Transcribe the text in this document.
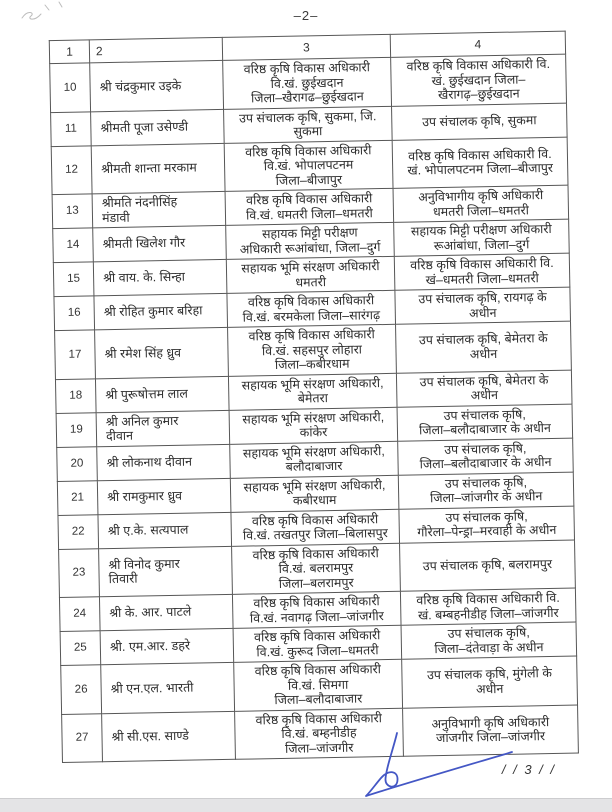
–2–
1	2	3	4
10	श्री चंद्रकुमार उइके	वरिष्ठ कृषि विकास अधिकारी
वि.खं. छुईखदान
जिला–खैरागढ–छुईखदान	वरिष्ठ कृषि विकास अधिकारी वि.
खं. छुईखदान जिला–
खैरागढ़–छुईखदान
11	श्रीमती पूजा उसेण्डी	उप संचालक कृषि, सुकमा, जि.
सुकमा	उप संचालक कृषि, सुकमा
12	श्रीमती शान्ता मरकाम	वरिष्ठ कृषि विकास अधिकारी
वि.खं. भोपालपटनम
जिला–बीजापुर	वरिष्ठ कृषि विकास अधिकारी वि.
खं. भोपालपटनम जिला–बीजापुर
13	श्रीमति नंदनीसिंह
मंडावी	वरिष्ठ कृषि विकास अधिकारी
वि.खं. धमतरी जिला–धमतरी	अनुविभागीय कृषि अधिकारी
धमतरी जिला–धमतरी
14	श्रीमती खिलेश गौर	सहायक मिट्टी परीक्षण
अधिकारी रूआंबांधा, जिला–दुर्ग	सहायक मिट्टी परीक्षण अधिकारी
रूआंबांधा, जिला–दुर्ग
15	श्री वाय. के. सिन्हा	सहायक भूमि संरक्षण अधिकारी
धमतरी	वरिष्ठ कृषि विकास अधिकारी वि.
खं–धमतरी जिला–धमतरी
16	श्री रोहित कुमार बरिहा	वरिष्ठ कृषि विकास अधिकारी
वि.खं. बरमकेला जिला–सारंगढ़	उप संचालक कृषि, रायगढ़ के
अधीन
17	श्री रमेश सिंह ध्रुव	वरिष्ठ कृषि विकास अधिकारी
वि.खं. सहसपुर लोहारा
जिला–कबीरधाम	उप संचालक कृषि, बेमेतरा के
अधीन
18	श्री पुरूषोत्तम लाल	सहायक भूमि संरक्षण अधिकारी,
बेमेतरा	उप संचालक कृषि, बेमेतरा के
अधीन
19	श्री अनिल कुमार
दीवान	सहायक भूमि संरक्षण अधिकारी,
कांकेर	उप संचालक कृषि,
जिला–बलौदाबाजार के अधीन
20	श्री लोकनाथ दीवान	सहायक भूमि संरक्षण अधिकारी,
बलौदाबाजार	उप संचालक कृषि,
जिला–बलौदाबाजार के अधीन
21	श्री रामकुमार ध्रुव	सहायक भूमि संरक्षण अधिकारी,
कबीरधाम	उप संचालक कृषि,
जिला–जांजगीर के अधीन
22	श्री ए.के. सत्यपाल	वरिष्ठ कृषि विकास अधिकारी
वि.खं. तखतपुर जिला–बिलासपुर	उप संचालक कृषि,
गौरेला–पेन्ड्रा–मरवाही के अधीन
23	श्री विनोद कुमार
तिवारी	वरिष्ठ कृषि विकास अधिकारी
वि.खं. बलरामपुर
जिला–बलरामपुर	उप संचालक कृषि, बलरामपुर
24	श्री के. आर. पाटले	वरिष्ठ कृषि विकास अधिकारी
वि.खं. नवागढ़ जिला–जांजगीर	वरिष्ठ कृषि विकास अधिकारी वि.
खं. बम्बहनीडीह जिला–जांजगीर
25	श्री. एम.आर. डहरे	वरिष्ठ कृषि विकास अधिकारी
वि.खं. कुरूद जिला–धमतरी	उप संचालक कृषि,
जिला–दंतेवाड़ा के अधीन
26	श्री एन.एल. भारती	वरिष्ठ कृषि विकास अधिकारी
वि.खं. सिमगा
जिला–बलौदाबाजार	उप संचालक कृषि, मुंगेली के
अधीन
27	श्री सी.एस. साण्डे	वरिष्ठ कृषि विकास अधिकारी
वि.खं. बम्हनीडीह
जिला–जांजगीर	अनुविभागी कृषि अधिकारी
जांजगीर जिला–जांजगीर
/ / 3 / /
